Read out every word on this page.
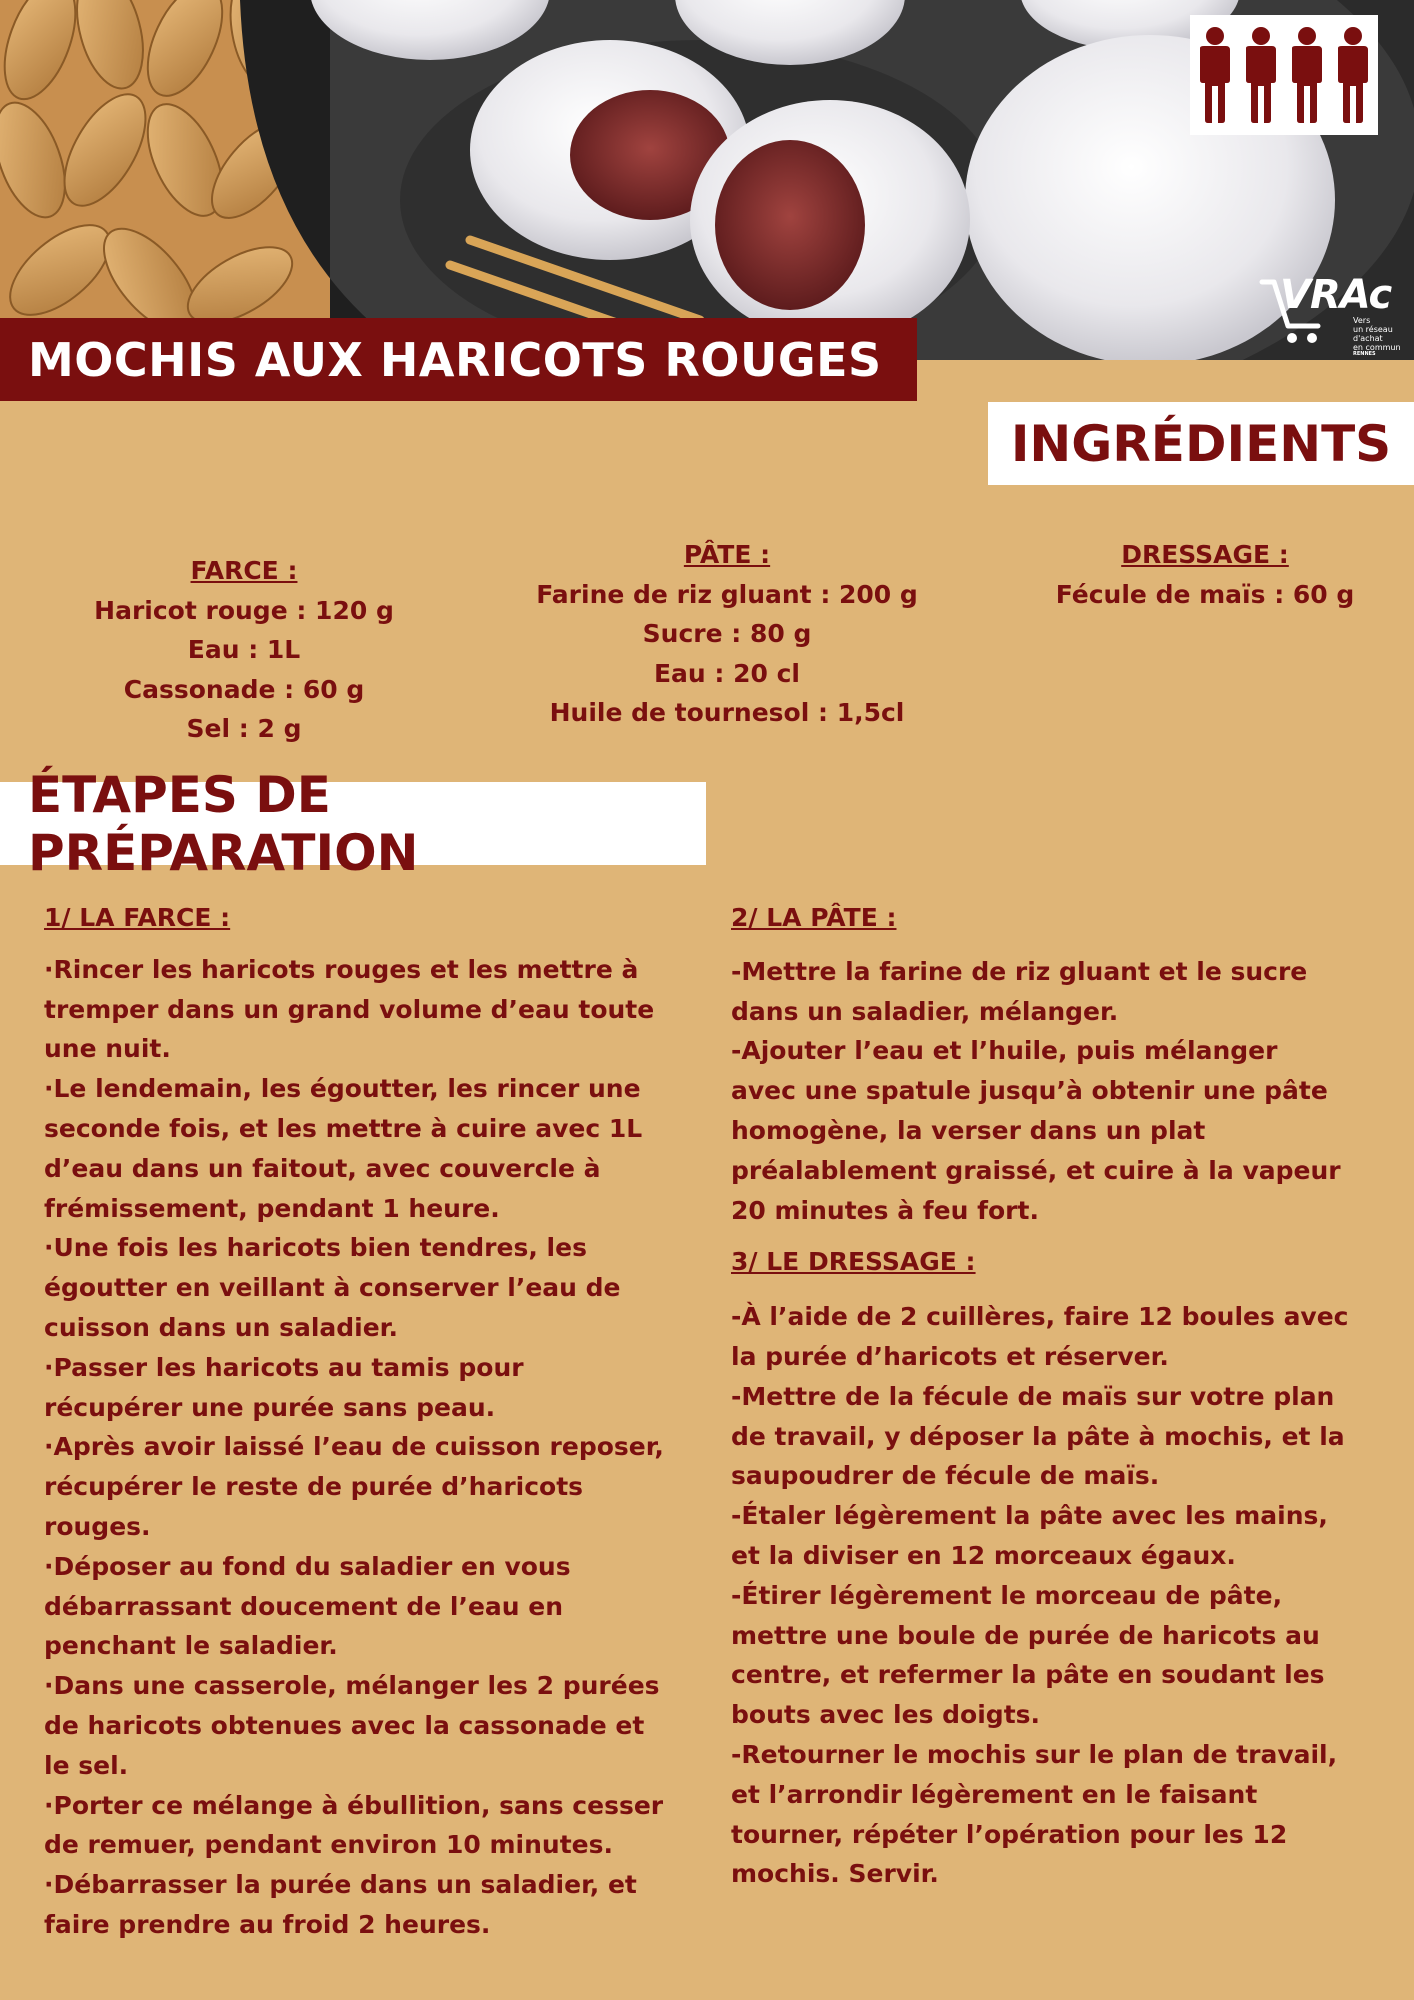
VRAc
Vers
un réseau
d'achat
en commun
RENNES
MOCHIS AUX HARICOTS ROUGES
INGRÉDIENTS
FARCE :
Haricot rouge : 120 g
Eau : 1L
Cassonade : 60 g
Sel : 2 g
PÂTE :
Farine de riz gluant : 200 g
Sucre : 80 g
Eau : 20 cl
Huile de tournesol : 1,5cl
DRESSAGE :
Fécule de maïs : 60 g
ÉTAPES DE PRÉPARATION

1/ LA FARCE :

·Rincer les haricots rouges et les mettre à

tremper dans un grand volume d’eau toute

une nuit.

·Le lendemain, les égoutter, les rincer une

seconde fois, et les mettre à cuire avec 1L

d’eau dans un faitout, avec couvercle à

frémissement, pendant 1 heure.

·Une fois les haricots bien tendres, les

égoutter en veillant à conserver l’eau de

cuisson dans un saladier.

·Passer les haricots au tamis pour

récupérer une purée sans peau.

·Après avoir laissé l’eau de cuisson reposer,

récupérer le reste de purée d’haricots

rouges.

·Déposer au fond du saladier en vous

débarrassant doucement de l’eau en

penchant le saladier.

·Dans une casserole, mélanger les 2 purées

de haricots obtenues avec la cassonade et

le sel.

·Porter ce mélange à ébullition, sans cesser

de remuer, pendant environ 10 minutes.

·Débarrasser la purée dans un saladier, et

faire prendre au froid 2 heures.

2/ LA PÂTE :

-Mettre la farine de riz gluant et le sucre

dans un saladier, mélanger.

-Ajouter l’eau et l’huile, puis mélanger

avec une spatule jusqu’à obtenir une pâte

homogène, la verser dans un plat

préalablement graissé, et cuire à la vapeur

20 minutes à feu fort.

3/ LE DRESSAGE :

-À l’aide de 2 cuillères, faire 12 boules avec

la purée d’haricots et réserver.

-Mettre de la fécule de maïs sur votre plan

de travail, y déposer la pâte à mochis, et la

saupoudrer de fécule de maïs.

-Étaler légèrement la pâte avec les mains,

et la diviser en 12 morceaux égaux.

-Étirer légèrement le morceau de pâte,

mettre une boule de purée de haricots au

centre, et refermer la pâte en soudant les

bouts avec les doigts.

-Retourner le mochis sur le plan de travail,

et l’arrondir légèrement en le faisant

tourner, répéter l’opération pour les 12

mochis. Servir.
